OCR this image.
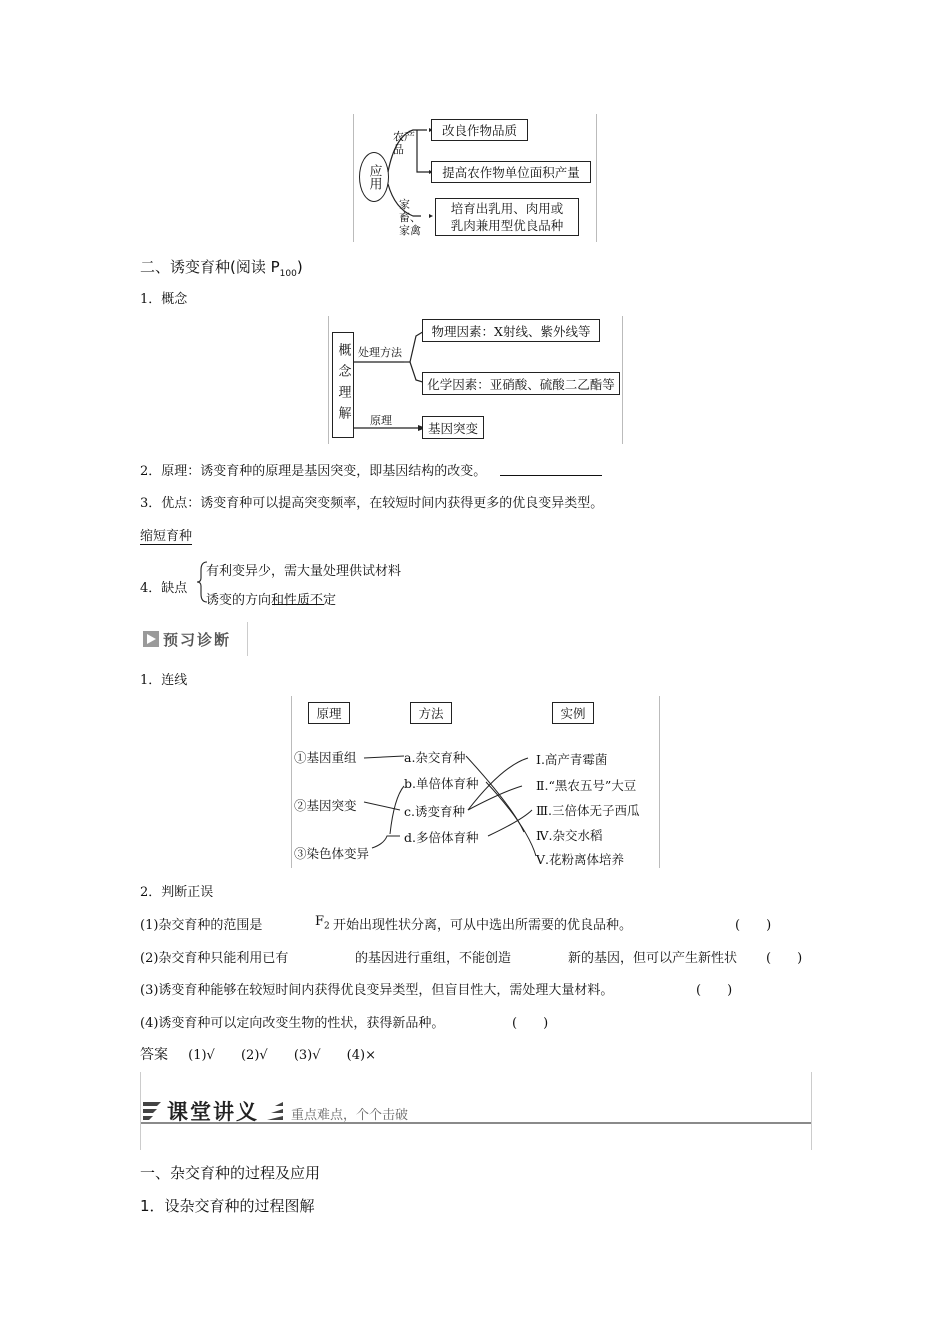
应用
农产品
家畜、家禽
改良作物品质
提高农作物单位面积产量
培育出乳用、肉用或
乳肉兼用型优良品种
二、诱变育种(阅读 $P_{100}$)
1．概念
概念理解 处理方法
原理
物理因素：X射线、紫外线等
化学因素：亚硝酸、硫酸二乙酯等
基因突变
2．原理：诱变育种的原理是基因突变，即基因结构的改变。
3．优点：诱变育种可以提高突变频率，在较短时间内获得更多的优良变异类型。
缩短育种
4．缺点
有利变异少，需大量处理供试材料
诱变的方向和性质不定
预习诊断
1．连线
原理	方法	实例
①基因重组
②基因突变
③染色体变异
a.杂交育种
b.单倍体育种
c.诱变育种
d.多倍体育种
Ⅰ.高产青霉菌
Ⅱ.“黑农五号”大豆
Ⅲ.三倍体无子西瓜
Ⅳ.杂交水稻
Ⅴ.花粉离体培养
2．判断正误
(1)杂交育种的范围是	$F_2$ 开始出现性状分离，可从中选出所需要的优良品种。	(　　)
(2)杂交育种只能利用已有	的基因进行重组，不能创造	新的基因，但可以产生新性状 (　　)
(3)诱变育种能够在较短时间内获得优良变异类型，但盲目性大，需处理大量材料。	(　　)
(4)诱变育种可以定向改变生物的性状，获得新品种。	(　　)
答案 (1)√ (2)√ (3)√ (4)×
课堂讲义 重点难点，个个击破
一、杂交育种的过程及应用
1．设杂交育种的过程图解
